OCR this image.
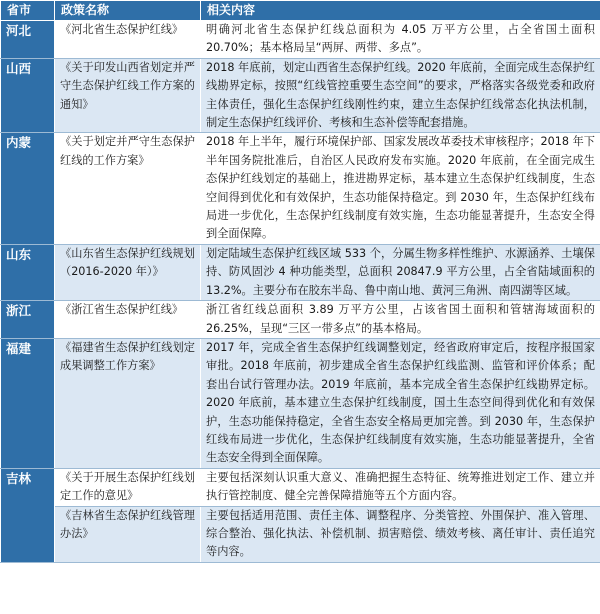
省市	政策名称	相关内容
河北	《河北省生态保护红线》	明确河北省生态保护红线总面积为 4.05 万平方公里，占全省国土面积 20.70%；基本格局呈“两屏、两带、多点”。
山西	《关于印发山西省划定并严守生态保护红线工作方案的通知》	2018 年底前，划定山西省生态保护红线。2020 年底前，全面完成生态保护红线勘界定标，按照“红线管控重要生态空间”的要求，严格落实各级党委和政府主体责任，强化生态保护红线刚性约束，建立生态保护红线常态化执法机制，制定生态保护红线评价、考核和生态补偿等配套措施。
内蒙	《关于划定并严守生态保护红线的工作方案》	2018 年上半年，履行环境保护部、国家发展改革委技术审核程序；2018 年下半年国务院批准后，自治区人民政府发布实施。2020 年底前，在全面完成生态保护红线划定的基础上，推进勘界定标，基本建立生态保护红线制度，生态空间得到优化和有效保护，生态功能保持稳定。到 2030 年，生态保护红线布局进一步优化，生态保护红线制度有效实施，生态功能显著提升，生态安全得到全面保障。
山东	《山东省生态保护红线规划（2016-2020 年）》	划定陆域生态保护红线区域 533 个，分属生物多样性维护、水源涵养、土壤保持、防风固沙 4 种功能类型，总面积 20847.9 平方公里，占全省陆域面积的 13.2%。主要分布在胶东半岛、鲁中南山地、黄河三角洲、南四湖等区域。
浙江	《浙江省生态保护红线》	浙江省红线总面积 3.89 万平方公里，占该省国土面积和管辖海域面积的 26.25%，呈现“三区一带多点”的基本格局。
福建	《福建省生态保护红线划定成果调整工作方案》	2017 年，完成全省生态保护红线调整划定，经省政府审定后，按程序报国家审批。2018 年底前，初步建成全省生态保护红线监测、监管和评价体系；配套出台试行管理办法。2019 年底前，基本完成全省生态保护红线勘界定标。2020 年底前，基本建立生态保护红线制度，国土生态空间得到优化和有效保护，生态功能保持稳定，全省生态安全格局更加完善。到 2030 年，生态保护红线布局进一步优化，生态保护红线制度有效实施，生态功能显著提升，全省生态安全得到全面保障。
吉林	《关于开展生态保护红线划定工作的意见》	主要包括深刻认识重大意义、准确把握生态特征、统筹推进划定工作、建立并执行管控制度、健全完善保障措施等五个方面内容。
	《吉林省生态保护红线管理办法》	主要包括适用范围、责任主体、调整程序、分类管控、外围保护、准入管理、综合整治、强化执法、补偿机制、损害赔偿、绩效考核、离任审计、责任追究等内容。
